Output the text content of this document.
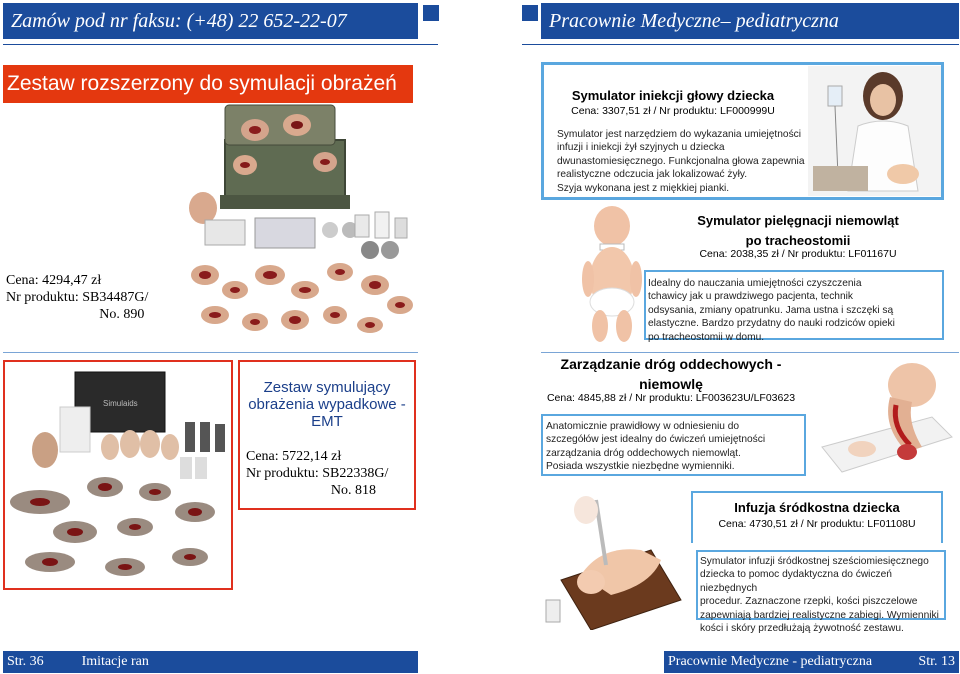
Zamów pod nr faksu: (+48) 22 652-22-07
Zestaw rozszerzony do symulacji obrażeń
Cena: 4294,47 zł
Nr produktu: SB34487G/
No. 890
Simulaids
Zestaw symulujący
obrażenia wypadkowe -
EMT
Cena: 5722,14 zł
Nr produktu: SB22338G/
No. 818
Str. 36	Imitacje ran
Pracownie Medyczne– pediatryczna
Symulator iniekcji głowy dziecka
Cena: 3307,51 zł / Nr produktu: LF000999U
Symulator jest narzędziem do wykazania umiejętności
infuzji i iniekcji żył szyjnych u dziecka
dwunastomiesięcznego. Funkcjonalna głowa zapewnia
realistyczne odczucia jak lokalizować żyły.
Szyja wykonana jest z miękkiej pianki.
Symulator pielęgnacji niemowląt
po tracheostomii
Cena: 2038,35 zł / Nr produktu: LF01167U
Idealny do nauczania umiejętności czyszczenia
tchawicy jak u prawdziwego pacjenta, technik
odsysania, zmiany opatrunku. Jama ustna i szczęki są
elastyczne. Bardzo przydatny do nauki rodziców opieki
po tracheostomii w domu.
Zarządzanie dróg oddechowych -
niemowlę
Cena: 4845,88 zł / Nr produktu: LF003623U/LF03623
Anatomicznie prawidłowy w odniesieniu do
szczegółów jest idealny do ćwiczeń umiejętności
zarządzania dróg oddechowych niemowląt.
Posiada wszystkie niezbędne wymienniki.
Infuzja śródkostna dziecka
Cena: 4730,51 zł / Nr produktu: LF01108U
Symulator infuzji śródkostnej sześciomiesięcznego
dziecka to pomoc dydaktyczna do ćwiczeń niezbędnych
procedur. Zaznaczone rzepki, kości piszczelowe
zapewniają bardziej realistyczne zabiegi. Wymienniki
kości i skóry przedłużają żywotność zestawu.
Pracownie Medyczne - pediatryczna	Str. 13
